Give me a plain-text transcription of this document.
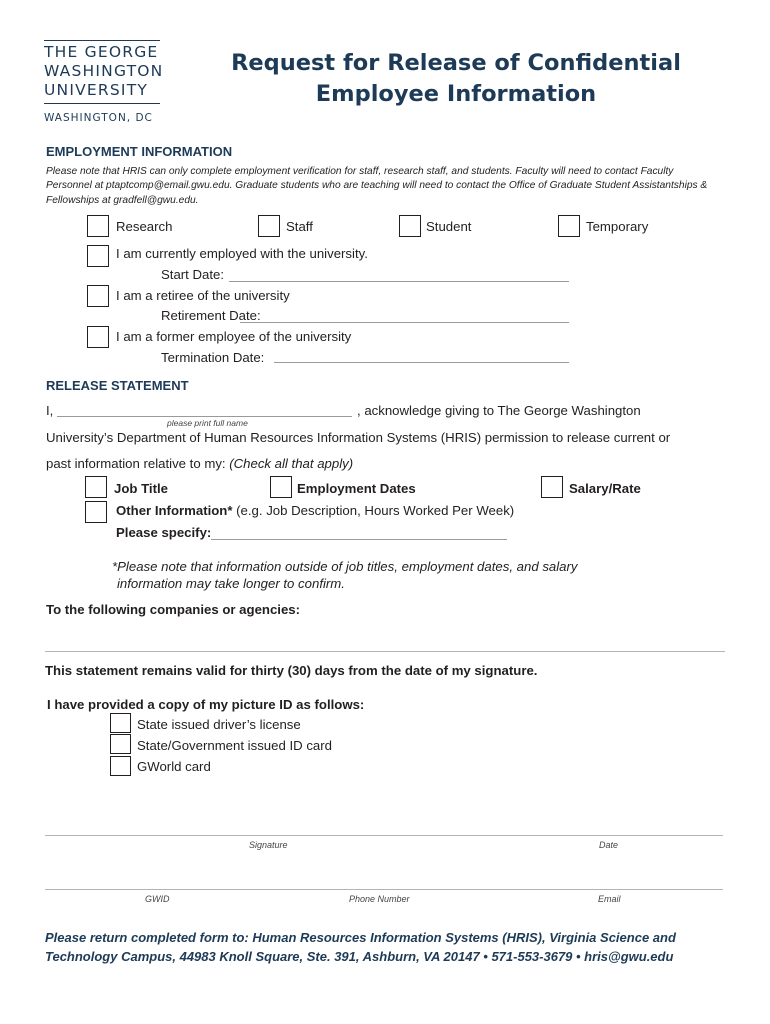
THE GEORGE
WASHINGTON
UNIVERSITY
WASHINGTON, DC
Request for Release of Confidential
Employee Information
EMPLOYMENT INFORMATION
Please note that HRIS can only complete employment verification for staff, research staff, and students. Faculty will need to contact Faculty Personnel at ptaptcomp@email.gwu.edu. Graduate students who are teaching will need to contact the Office of Graduate Student Assistantships & Fellowships at gradfell@gwu.edu.
Research	Staff	Student	Temporary
I am currently employed with the university.
Start Date:
I am a retiree of the university
Retirement Date:
I am a former employee of the university
Termination Date:
RELEASE STATEMENT
I,
please print full name
, acknowledge giving to The George Washington
University’s Department of Human Resources Information Systems (HRIS) permission to release current or
past information relative to my: (Check all that apply)
Job Title	Employment Dates	Salary/Rate
Other Information* (e.g. Job Description, Hours Worked Per Week)
Please specify:
*Please note that information outside of job titles, employment dates, and salary
information may take longer to confirm.
To the following companies or agencies:
This statement remains valid for thirty (30) days from the date of my signature.
I have provided a copy of my picture ID as follows:
State issued driver’s license
State/Government issued ID card
GWorld card
Signature	Date
GWID	Phone Number	Email
Please return completed form to: Human Resources Information Systems (HRIS), Virginia Science and
Technology Campus, 44983 Knoll Square, Ste. 391, Ashburn, VA 20147 • 571-553-3679 • hris@gwu.edu
